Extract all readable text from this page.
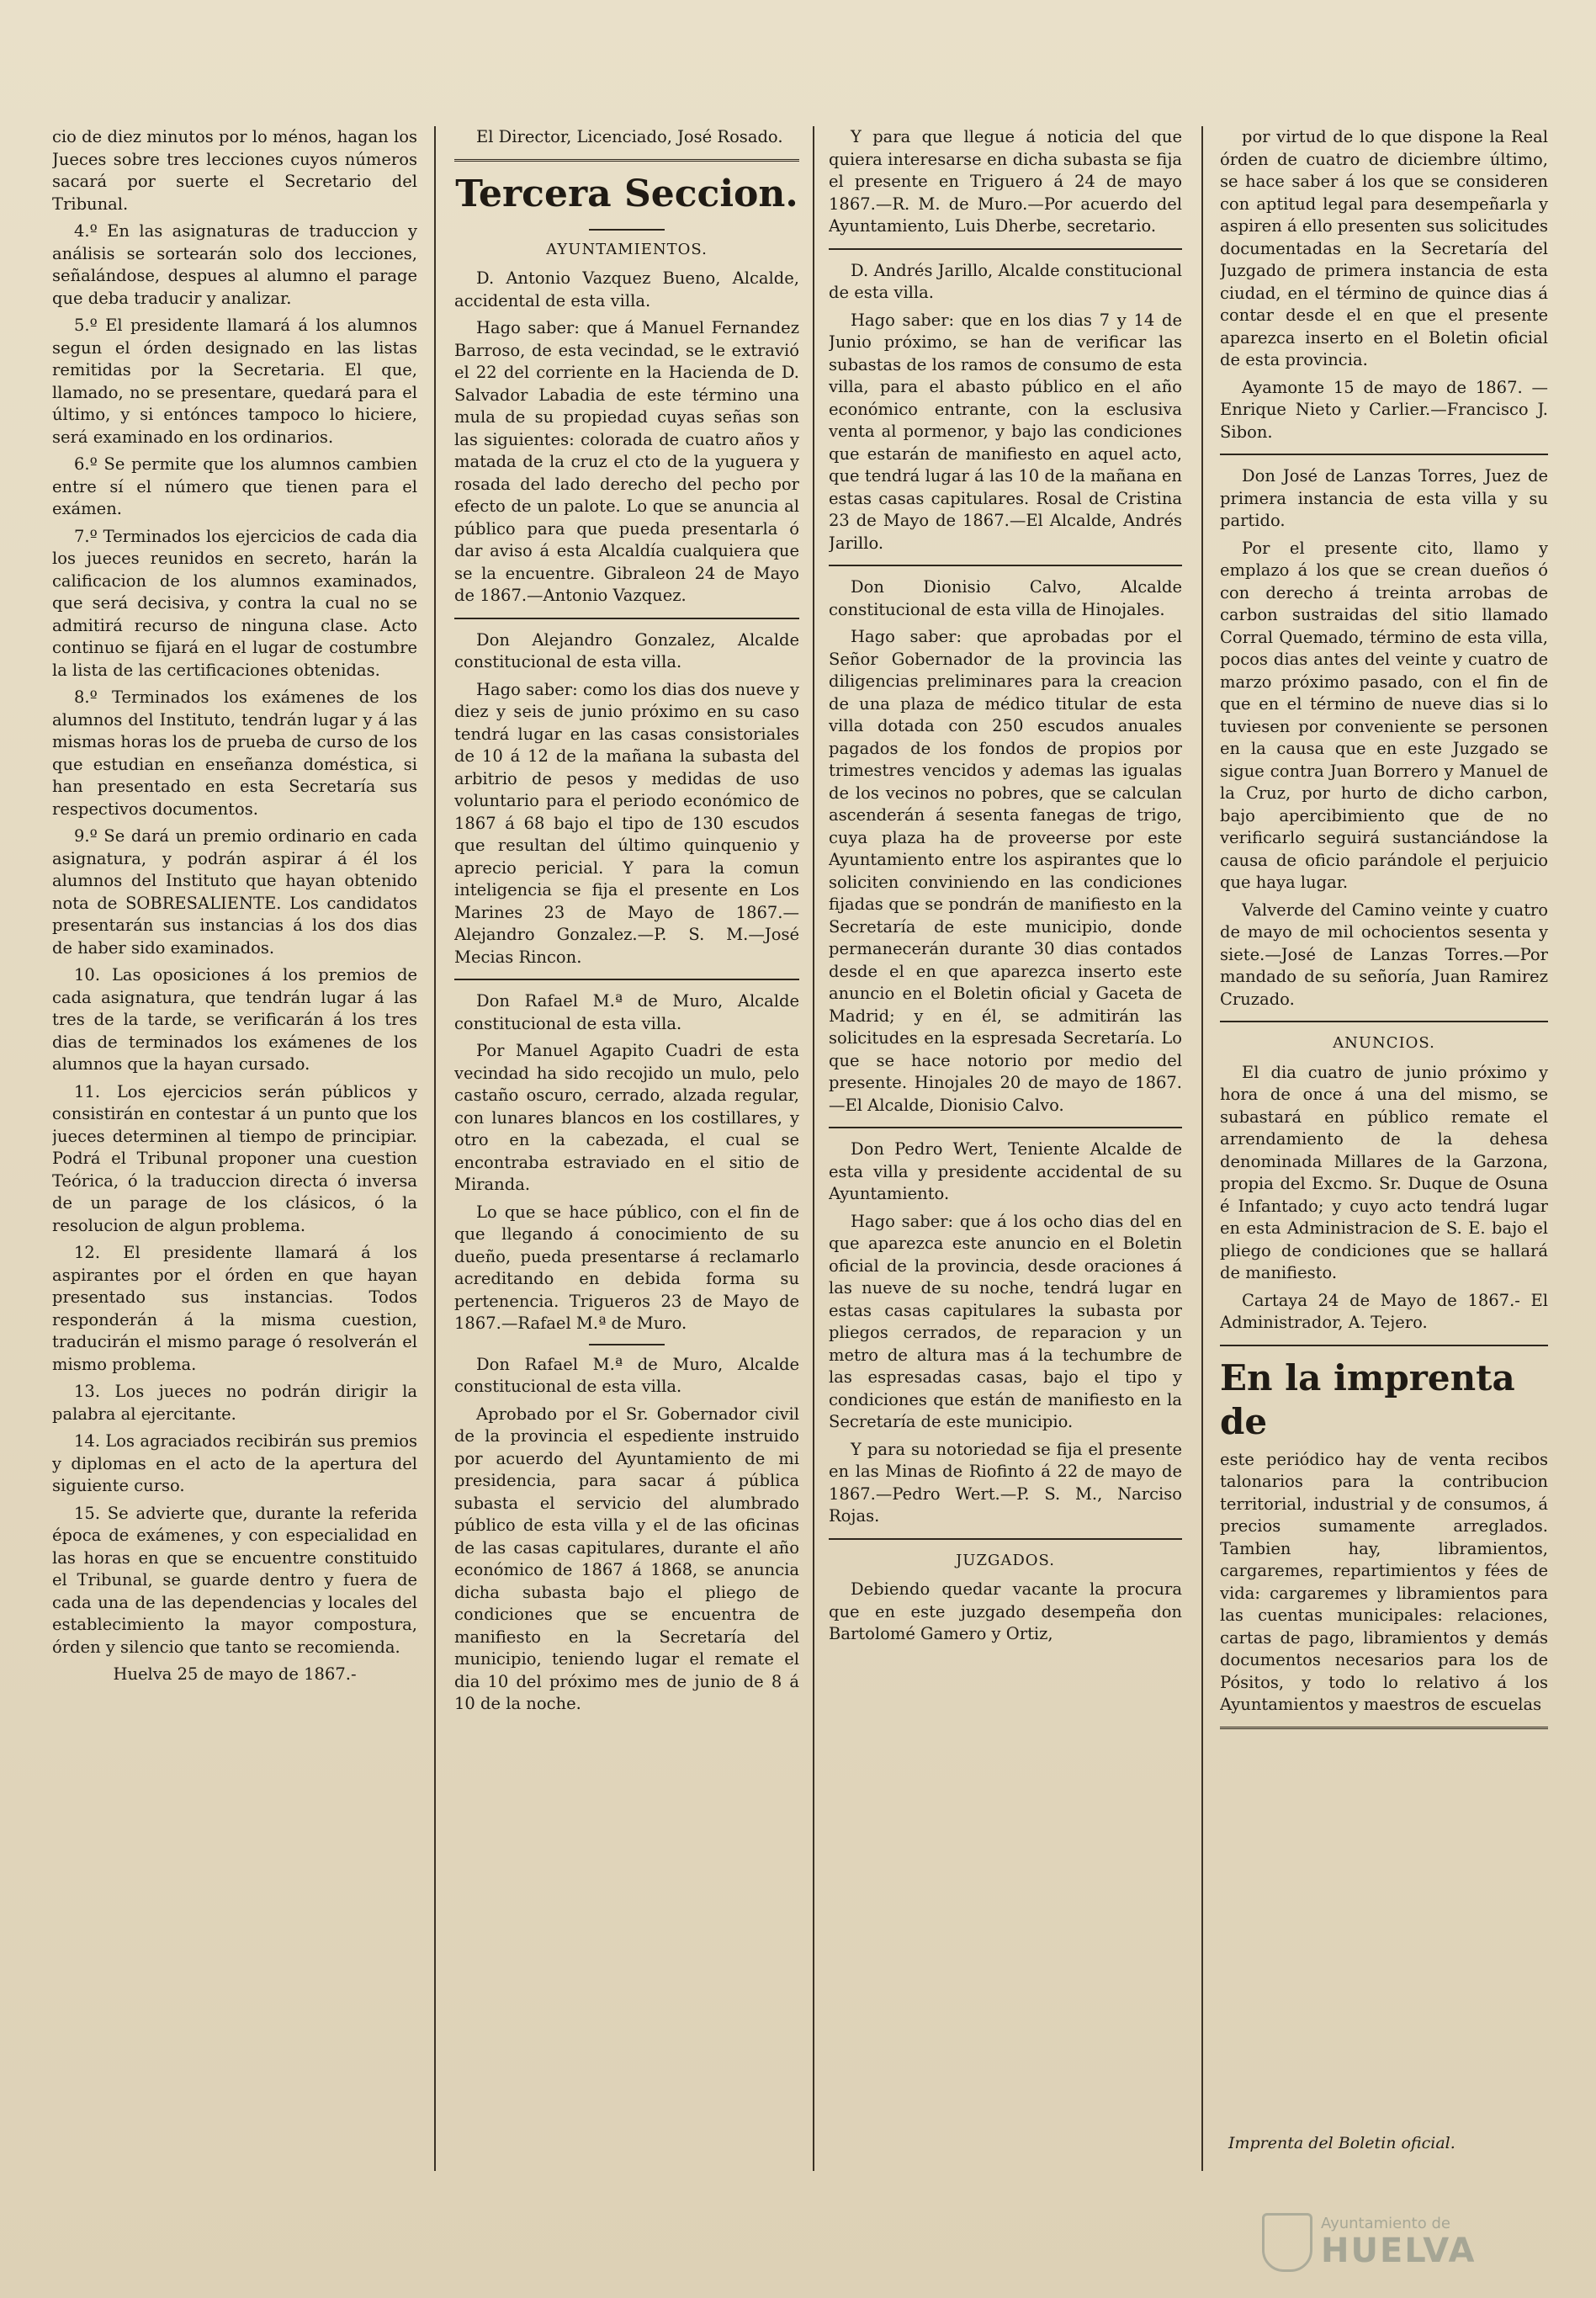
cio de diez minutos por lo ménos, hagan los Jueces sobre tres lecciones cuyos números sacará por suerte el Secretario del Tribunal.

4.º En las asignaturas de traduccion y análisis se sortearán solo dos lecciones, señalándose, despues al alumno el parage que deba traducir y analizar.

5.º El presidente llamará á los alumnos segun el órden designado en las listas remitidas por la Secretaria. El que, llamado, no se presentare, quedará para el último, y si entónces tampoco lo hiciere, será examinado en los ordinarios.

6.º Se permite que los alumnos cambien entre sí el número que tienen para el exámen.

7.º Terminados los ejercicios de cada dia los jueces reunidos en secreto, harán la calificacion de los alumnos examinados, que será decisiva, y contra la cual no se admitirá recurso de ninguna clase. Acto continuo se fijará en el lugar de costumbre la lista de las certificaciones obtenidas.

8.º Terminados los exámenes de los alumnos del Instituto, tendrán lugar y á las mismas horas los de prueba de curso de los que estudian en enseñanza doméstica, si han presentado en esta Secretaría sus respectivos documentos.

9.º Se dará un premio ordinario en cada asignatura, y podrán aspirar á él los alumnos del Instituto que hayan obtenido nota de SOBRESALIENTE. Los candidatos presentarán sus instancias á los dos dias de haber sido examinados.

10. Las oposiciones á los premios de cada asignatura, que tendrán lugar á las tres de la tarde, se verificarán á los tres dias de terminados los exámenes de los alumnos que la hayan cursado.

11. Los ejercicios serán públicos y consistirán en contestar á un punto que los jueces determinen al tiempo de principiar. Podrá el Tribunal proponer una cuestion Teórica, ó la traduccion directa ó inversa de un parage de los clásicos, ó la resolucion de algun problema.

12. El presidente llamará á los aspirantes por el órden en que hayan presentado sus instancias. Todos responderán á la misma cuestion, traducirán el mismo parage ó resolverán el mismo problema.

13. Los jueces no podrán dirigir la palabra al ejercitante.

14. Los agraciados recibirán sus premios y diplomas en el acto de la apertura del siguiente curso.

15. Se advierte que, durante la referida época de exámenes, y con especialidad en las horas en que se encuentre constituido el Tribunal, se guarde dentro y fuera de cada una de las dependencias y locales del establecimiento la mayor compostura, órden y silencio que tanto se recomienda.

Huelva 25 de mayo de 1867.-

El Director, Licenciado, José Rosado.

Tercera Seccion.
AYUNTAMIENTOS.

D. Antonio Vazquez Bueno, Alcalde, accidental de esta villa.

Hago saber: que á Manuel Fernandez Barroso, de esta vecindad, se le extravió el 22 del corriente en la Hacienda de D. Salvador Labadia de este término una mula de su propiedad cuyas señas son las siguientes: colorada de cuatro años y matada de la cruz el cto de la yuguera y rosada del lado derecho del pecho por efecto de un palote. Lo que se anuncia al público para que pueda presentarla ó dar aviso á esta Alcaldía cualquiera que se la encuentre. Gibraleon 24 de Mayo de 1867.—Antonio Vazquez.

Don Alejandro Gonzalez, Alcalde constitucional de esta villa.

Hago saber: como los dias dos nueve y diez y seis de junio próximo en su caso tendrá lugar en las casas consistoriales de 10 á 12 de la mañana la subasta del arbitrio de pesos y medidas de uso voluntario para el periodo económico de 1867 á 68 bajo el tipo de 130 escudos que resultan del último quinquenio y aprecio pericial. Y para la comun inteligencia se fija el presente en Los Marines 23 de Mayo de 1867.—Alejandro Gonzalez.—P. S. M.—José Mecias Rincon.

Don Rafael M.ª de Muro, Alcalde constitucional de esta villa.

Por Manuel Agapito Cuadri de esta vecindad ha sido recojido un mulo, pelo castaño oscuro, cerrado, alzada regular, con lunares blancos en los costillares, y otro en la cabezada, el cual se encontraba estraviado en el sitio de Miranda.

Lo que se hace público, con el fin de que llegando á conocimiento de su dueño, pueda presentarse á reclamarlo acreditando en debida forma su pertenencia. Trigueros 23 de Mayo de 1867.—Rafael M.ª de Muro.

Don Rafael M.ª de Muro, Alcalde constitucional de esta villa.

Aprobado por el Sr. Gobernador civil de la provincia el espediente instruido por acuerdo del Ayuntamiento de mi presidencia, para sacar á pública subasta el servicio del alumbrado público de esta villa y el de las oficinas de las casas capitulares, durante el año económico de 1867 á 1868, se anuncia dicha subasta bajo el pliego de condiciones que se encuentra de manifiesto en la Secretaría del municipio, teniendo lugar el remate el dia 10 del próximo mes de junio de 8 á 10 de la noche.

Y para que llegue á noticia del que quiera interesarse en dicha subasta se fija el presente en Triguero á 24 de mayo 1867.—R. M. de Muro.—Por acuerdo del Ayuntamiento, Luis Dherbe, secretario.

D. Andrés Jarillo, Alcalde constitucional de esta villa.

Hago saber: que en los dias 7 y 14 de Junio próximo, se han de verificar las subastas de los ramos de consumo de esta villa, para el abasto público en el año económico entrante, con la esclusiva venta al pormenor, y bajo las condiciones que estarán de manifiesto en aquel acto, que tendrá lugar á las 10 de la mañana en estas casas capitulares. Rosal de Cristina 23 de Mayo de 1867.—El Alcalde, Andrés Jarillo.

Don Dionisio Calvo, Alcalde constitucional de esta villa de Hinojales.

Hago saber: que aprobadas por el Señor Gobernador de la provincia las diligencias preliminares para la creacion de una plaza de médico titular de esta villa dotada con 250 escudos anuales pagados de los fondos de propios por trimestres vencidos y ademas las igualas de los vecinos no pobres, que se calculan ascenderán á sesenta fanegas de trigo, cuya plaza ha de proveerse por este Ayuntamiento entre los aspirantes que lo soliciten conviniendo en las condiciones fijadas que se pondrán de manifiesto en la Secretaría de este municipio, donde permanecerán durante 30 dias contados desde el en que aparezca inserto este anuncio en el Boletin oficial y Gaceta de Madrid; y en él, se admitirán las solicitudes en la espresada Secretaría. Lo que se hace notorio por medio del presente. Hinojales 20 de mayo de 1867.—El Alcalde, Dionisio Calvo.

Don Pedro Wert, Teniente Alcalde de esta villa y presidente accidental de su Ayuntamiento.

Hago saber: que á los ocho dias del en que aparezca este anuncio en el Boletin oficial de la provincia, desde oraciones á las nueve de su noche, tendrá lugar en estas casas capitulares la subasta por pliegos cerrados, de reparacion y un metro de altura mas á la techumbre de las espresadas casas, bajo el tipo y condiciones que están de manifiesto en la Secretaría de este municipio.

Y para su notoriedad se fija el presente en las Minas de Riofinto á 22 de mayo de 1867.—Pedro Wert.—P. S. M., Narciso Rojas.

JUZGADOS.

Debiendo quedar vacante la procura que en este juzgado desempeña don Bartolomé Gamero y Ortiz,

por virtud de lo que dispone la Real órden de cuatro de diciembre último, se hace saber á los que se consideren con aptitud legal para desempeñarla y aspiren á ello presenten sus solicitudes documentadas en la Secretaría del Juzgado de primera instancia de esta ciudad, en el término de quince dias á contar desde el en que el presente aparezca inserto en el Boletin oficial de esta provincia.

Ayamonte 15 de mayo de 1867. —Enrique Nieto y Carlier.—Francisco J. Sibon.

Don José de Lanzas Torres, Juez de primera instancia de esta villa y su partido.

Por el presente cito, llamo y emplazo á los que se crean dueños ó con derecho á treinta arrobas de carbon sustraidas del sitio llamado Corral Quemado, término de esta villa, pocos dias antes del veinte y cuatro de marzo próximo pasado, con el fin de que en el término de nueve dias si lo tuviesen por conveniente se personen en la causa que en este Juzgado se sigue contra Juan Borrero y Manuel de la Cruz, por hurto de dicho carbon, bajo apercibimiento que de no verificarlo seguirá sustanciándose la causa de oficio parándole el perjuicio que haya lugar.

Valverde del Camino veinte y cuatro de mayo de mil ochocientos sesenta y siete.—José de Lanzas Torres.—Por mandado de su señoría, Juan Ramirez Cruzado.

ANUNCIOS.

El dia cuatro de junio próximo y hora de once á una del mismo, se subastará en público remate el arrendamiento de la dehesa denominada Millares de la Garzona, propia del Excmo. Sr. Duque de Osuna é Infantado; y cuyo acto tendrá lugar en esta Administracion de S. E. bajo el pliego de condiciones que se hallará de manifiesto.

Cartaya 24 de Mayo de 1867.- El Administrador, A. Tejero.

En la imprenta de

este periódico hay de venta recibos talonarios para la contribucion territorial, industrial y de consumos, á precios sumamente arreglados. Tambien hay, libramientos, cargaremes, repartimientos y fées de vida: cargaremes y libramientos para las cuentas municipales: relaciones, cartas de pago, libramientos y demás documentos necesarios para los de Pósitos, y todo lo relativo á los Ayuntamientos y maestros de escuelas

Imprenta del Boletin oficial.
Ayuntamiento de
HUELVA
